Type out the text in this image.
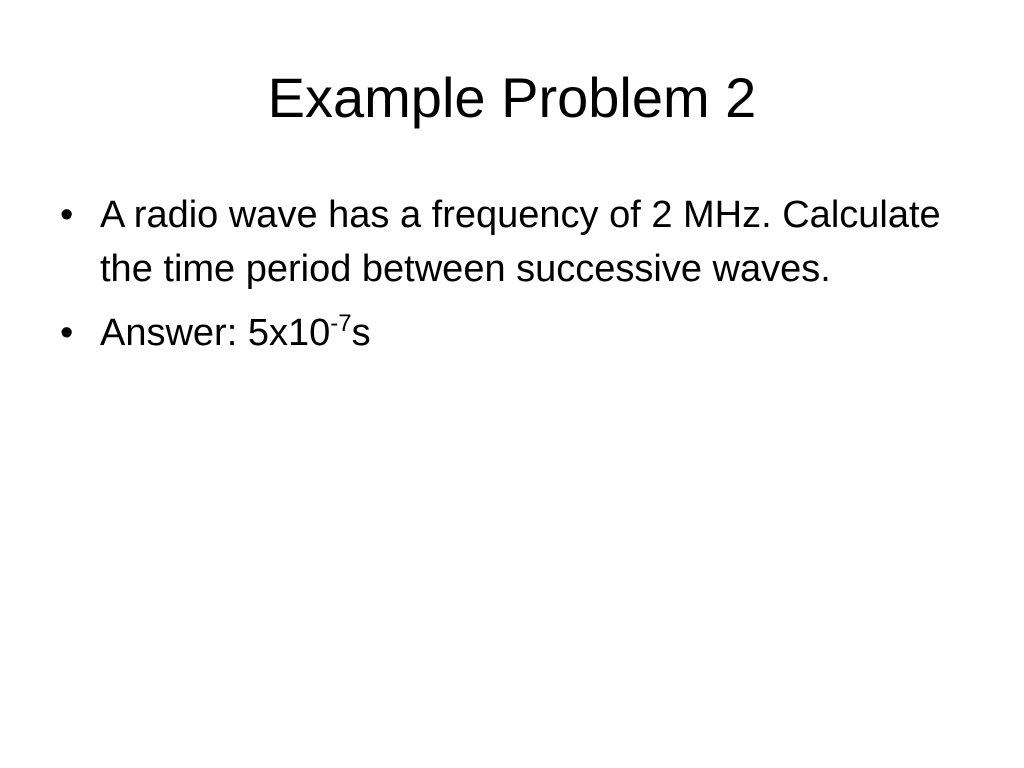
Example Problem 2
• A radio wave has a frequency of 2 MHz. Calculate the time period between successive waves.
• Answer: $5x10^{-7}s$
